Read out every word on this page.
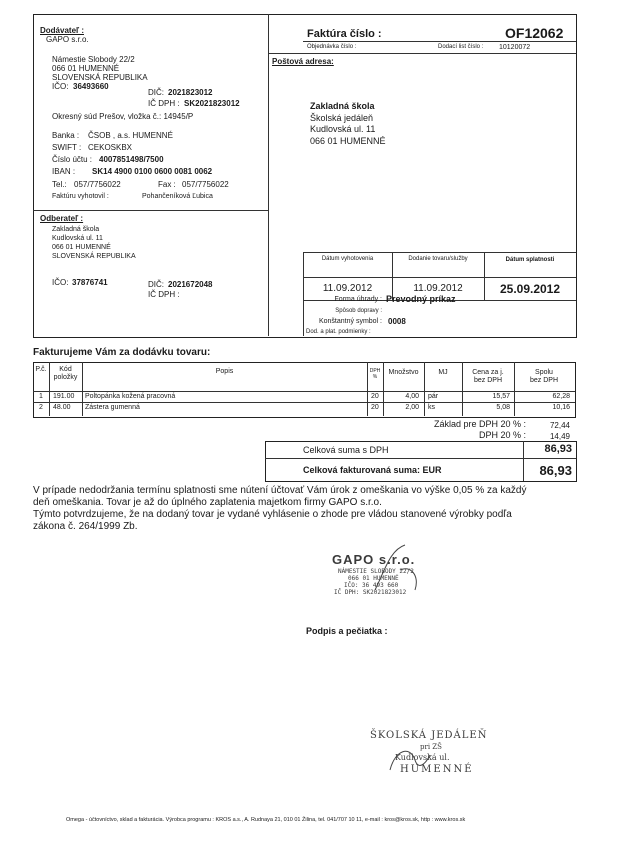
Dodávateľ :
GAPO s.r.o.
Námestie Slobody 22/2
066 01 HUMENNÉ
SLOVENSKÁ REPUBLIKA
IČO: 36493660
DIČ: 2021823012
IČ DPH : SK2021823012
Okresný súd Prešov, vložka č.: 14945/P
Banka : ČSOB , a.s. HUMENNÉ
SWIFT : CEKOSKBX
Číslo účtu : 4007851498/7500
IBAN : SK14 4900 0100 0600 0081 0062
Tel.: 057/7756022	Fax : 057/7756022
Faktúru vyhotovil :	Pohančeníková Ľubica
Faktúra číslo :	OF12062
Objednávka číslo :	Dodací list číslo : 10120072
Poštová adresa:
Zakladná škola
Školská jedáleň
Kudlovská ul. 11
066 01 HUMENNÉ
Odberateľ :
Zakladná škola
Kudlovská ul. 11
066 01 HUMENNÉ
SLOVENSKÁ REPUBLIKA
IČO: 37876741	DIČ: 2021672048
IČ DPH :
Dátum vyhotovenia	Dodanie tovaru/služby	Dátum splatnosti
11.09.2012	11.09.2012	25.09.2012
Forma úhrady : Prevodný príkaz
Spôsob dopravy :
Konštantný symbol : 0008
Dod. a plat. podmienky :
Fakturujeme Vám za dodávku tovaru:
P.č.	Kód
položky
Popis	DPH
%
Množstvo	MJ	Cena za j.
bez DPH
Spolu
bez DPH
1	191.00 Poltopánka kožená pracovná	20	4,00 pár	15,57	62,28
2	48.00 Zástera gumenná	20	2,00 ks	5,08	10,16
Základ pre DPH 20 % :	72,44
DPH 20 % :	14,49
Celková suma s DPH	86,93
Celková fakturovaná suma: EUR	86,93
V prípade nedodržania termínu splatnosti sme nútení účtovať Vám úrok z omeškania vo výške 0,05 % za každý
deň omeškania. Tovar je až do úplného zaplatenia majetkom firmy GAPO s.r.o.
Týmto potvrdzujeme, že na dodaný tovar je vydané vyhlásenie o zhode pre vládou stanovené výrobky podľa
zákona č. 264/1999 Zb.
GAPO s.r.o.
NÁMESTIE SLOBODY 22/2
066 01 HUMENNÉ
IČO: 36 493 660
IČ DPH: SK2021823012
Podpis a pečiatka :
ŠKOLSKÁ JEDÁLEŇ
pri ZŠ
Kudlovská ul.
HUMENNÉ
Omega - účtovníctvo, sklad a fakturácia. Výrobca programu : KROS a.s., A. Rudnaya 21, 010 01 Žilina, tel. 041/707 10 11, e-mail : kros@kros.sk, http : www.kros.sk
